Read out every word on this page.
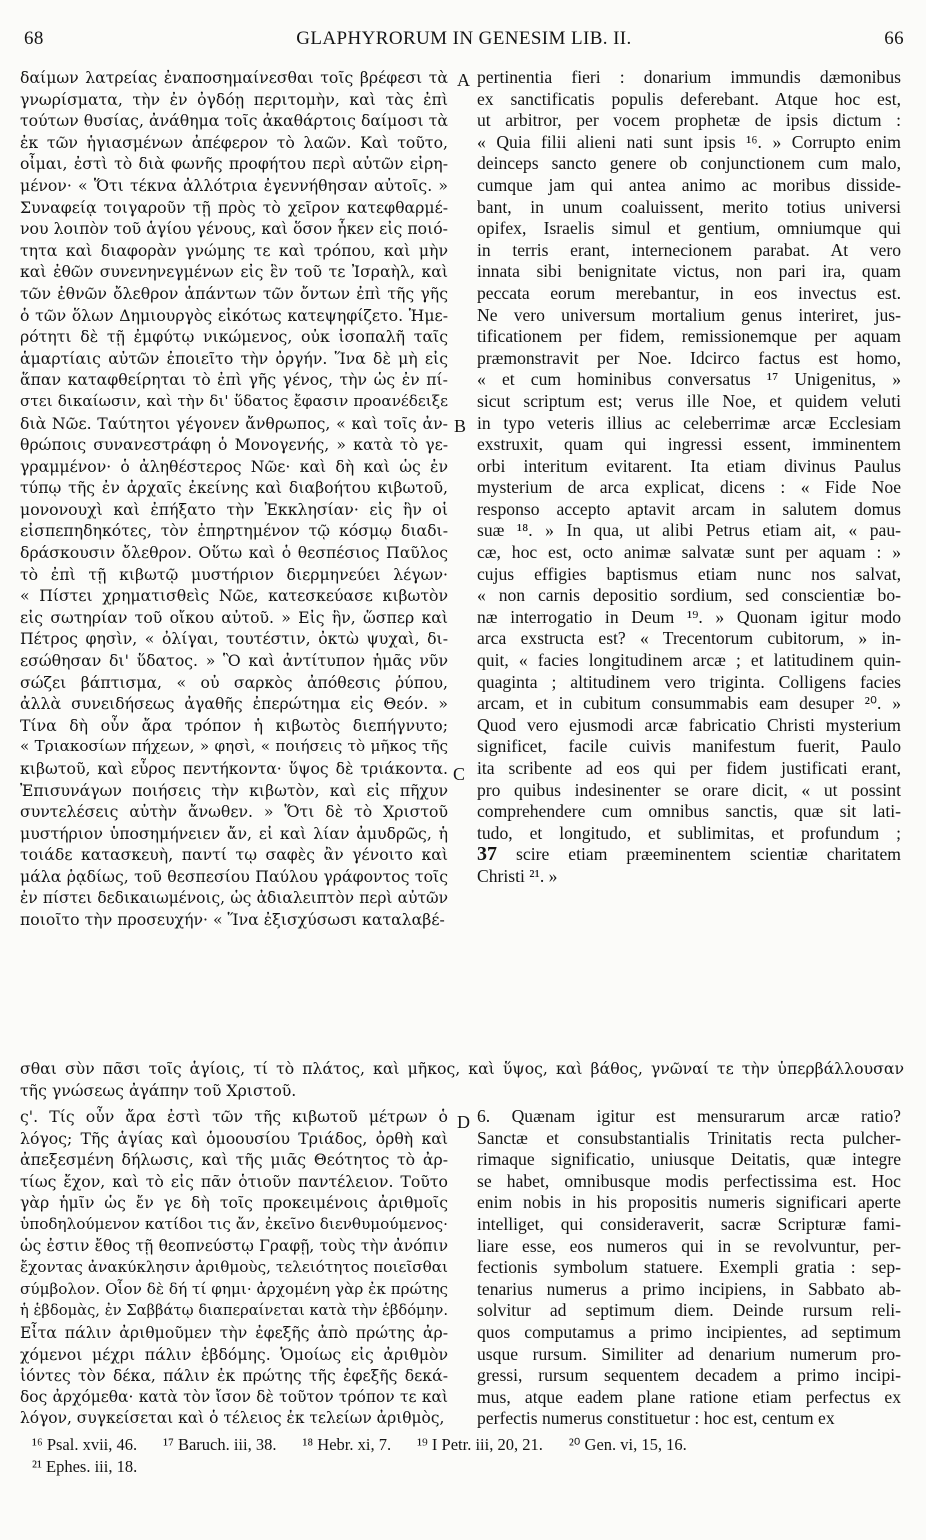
68	GLAPHYRORUM IN GENESIM LIB. II.	66
δαίμων λατρείας ἐναποσημαίνεσθαι τοῖς βρέφεσι τὰ
γνωρίσματα, τὴν ἐν ὀγδόῃ περιτομὴν, καὶ τὰς ἐπὶ
τούτων θυσίας, ἀνάθημα τοῖς ἀκαθάρτοις δαίμοσι τὰ
ἐκ τῶν ἡγιασμένων ἀπέφερον τὸ λαῶν. Καὶ τοῦτο,
οἶμαι, ἐστὶ τὸ διὰ φωνῆς προφήτου περὶ αὐτῶν εἰρη-
μένον· « Ὅτι τέκνα ἀλλότρια ἐγεννήθησαν αὐτοῖς. »
Συναφείᾳ τοιγαροῦν τῇ πρὸς τὸ χεῖρον κατεφθαρμέ-
νου λοιπὸν τοῦ ἁγίου γένους, καὶ ὅσον ἧκεν εἰς ποιό-
τητα καὶ διαφορὰν γνώμης τε καὶ τρόπου, καὶ μὴν
καὶ ἐθῶν συνενηνεγμένων εἰς ἓν τοῦ τε Ἰσραὴλ, καὶ
τῶν ἐθνῶν ὄλεθρον ἁπάντων τῶν ὄντων ἐπὶ τῆς γῆς
ὁ τῶν ὅλων Δημιουργὸς εἰκότως κατεψηφίζετο. Ἡμε-
ρότητι δὲ τῇ ἐμφύτῳ νικώμενος, οὐκ ἰσοπαλῆ ταῖς
ἁμαρτίαις αὐτῶν ἐποιεῖτο τὴν ὀργήν. Ἵνα δὲ μὴ εἰς
ἅπαν καταφθείρηται τὸ ἐπὶ γῆς γένος, τὴν ὡς ἐν πί-
στει δικαίωσιν, καὶ τὴν δι' ὕδατος ἔφασιν προανέδειξε
διὰ Νῶε. Ταύτητοι γέγονεν ἄνθρωπος, « καὶ τοῖς ἀν-
θρώποις συνανεστράφη ὁ Μονογενής, » κατὰ τὸ γε-
γραμμένον· ὁ ἀληθέστερος Νῶε· καὶ δὴ καὶ ὡς ἐν
τύπῳ τῆς ἐν ἀρχαῖς ἐκείνης καὶ διαβοήτου κιβωτοῦ,
μονονουχὶ καὶ ἐπήξατο τὴν Ἐκκλησίαν· εἰς ἣν οἱ
εἰσπεπηδηκότες, τὸν ἐπηρτημένον τῷ κόσμῳ διαδι-
δράσκουσιν ὄλεθρον. Οὕτω καὶ ὁ θεσπέσιος Παῦλος
τὸ ἐπὶ τῇ κιβωτῷ μυστήριον διερμηνεύει λέγων·
« Πίστει χρηματισθεὶς Νῶε, κατεσκεύασε κιβωτὸν
εἰς σωτηρίαν τοῦ οἴκου αὐτοῦ. » Εἰς ἣν, ὥσπερ καὶ
Πέτρος φησὶν, « ὀλίγαι, τουτέστιν, ὀκτὼ ψυχαὶ, δι-
εσώθησαν δι' ὕδατος. » Ὃ καὶ ἀντίτυπον ἡμᾶς νῦν
σώζει βάπτισμα, « οὐ σαρκὸς ἀπόθεσις ῥύπου,
ἀλλὰ συνειδήσεως ἀγαθῆς ἐπερώτημα εἰς Θεόν. »
Τίνα δὴ οὖν ἄρα τρόπον ἡ κιβωτὸς διεπήγνυτο;
« Τριακοσίων πήχεων, » φησὶ, « ποιήσεις τὸ μῆκος τῆς
κιβωτοῦ, καὶ εὖρος πεντήκοντα· ὕψος δὲ τριάκοντα.
Ἐπισυνάγων ποιήσεις τὴν κιβωτὸν, καὶ εἰς πῆχυν
συντελέσεις αὐτὴν ἄνωθεν. » Ὅτι δὲ τὸ Χριστοῦ
μυστήριον ὑποσημήνειεν ἄν, εἰ καὶ λίαν ἀμυδρῶς, ἡ
τοιάδε κατασκευὴ, παντί τῳ σαφὲς ἂν γένοιτο καὶ
μάλα ῥᾳδίως, τοῦ θεσπεσίου Παύλου γράφοντος τοῖς
ἐν πίστει δεδικαιωμένοις, ὡς ἀδιαλειπτὸν περὶ αὐτῶν
ποιοῖτο τὴν προσευχήν· « Ἵνα ἐξισχύσωσι καταλαβέ-
pertinentia fieri : donarium immundis dæmonibus
ex sanctificatis populis deferebant. Atque hoc est,
ut arbitror, per vocem prophetæ de ipsis dictum :
« Quia filii alieni nati sunt ipsis ¹⁶. » Corrupto enim
deinceps sancto genere ob conjunctionem cum malo,
cumque jam qui antea animo ac moribus disside-
bant, in unum coaluissent, merito totius universi
opifex, Israelis simul et gentium, omniumque qui
in terris erant, internecionem parabat. At vero
innata sibi benignitate victus, non pari ira, quam
peccata eorum merebantur, in eos invectus est.
Ne vero universum mortalium genus interiret, jus-
tificationem per fidem, remissionemque per aquam
præmonstravit per Noe. Idcirco factus est homo,
« et cum hominibus conversatus ¹⁷ Unigenitus, »
sicut scriptum est; verus ille Noe, et quidem veluti
in typo veteris illius ac celeberrimæ arcæ Ecclesiam
exstruxit, quam qui ingressi essent, imminentem
orbi interitum evitarent. Ita etiam divinus Paulus
mysterium de arca explicat, dicens : « Fide Noe
responso accepto aptavit arcam in salutem domus
suæ ¹⁸. » In qua, ut alibi Petrus etiam ait, « pau-
cæ, hoc est, octo animæ salvatæ sunt per aquam : »
cujus effigies baptismus etiam nunc nos salvat,
« non carnis depositio sordium, sed conscientiæ bo-
næ interrogatio in Deum ¹⁹. » Quonam igitur modo
arca exstructa est? « Trecentorum cubitorum, » in-
quit, « facies longitudinem arcæ ; et latitudinem quin-
quaginta ; altitudinem vero triginta. Colligens facies
arcam, et in cubitum consummabis eam desuper ²⁰. »
Quod vero ejusmodi arcæ fabricatio Christi mysterium
significet, facile cuivis manifestum fuerit, Paulo
ita scribente ad eos qui per fidem justificati erant,
pro quibus indesinenter se orare dicit, « ut possint
comprehendere cum omnibus sanctis, quæ sit lati-
tudo, et longitudo, et sublimitas, et profundum ;
37 scire etiam præeminentem scientiæ charitatem
Christi ²¹. »
A
B
C
D
σθαι σὺν πᾶσι τοῖς ἁγίοις, τί τὸ πλάτος, καὶ μῆκος, καὶ ὕψος, καὶ βάθος, γνῶναί τε τὴν ὑπερβάλλουσαν
τῆς γνώσεως ἀγάπην τοῦ Χριστοῦ.
ς'. Τίς οὖν ἄρα ἐστὶ τῶν τῆς κιβωτοῦ μέτρων ὁ
λόγος; Τῆς ἁγίας καὶ ὁμοουσίου Τριάδος, ὀρθὴ καὶ
ἀπεξεσμένη δήλωσις, καὶ τῆς μιᾶς Θεότητος τὸ ἀρ-
τίως ἔχον, καὶ τὸ εἰς πᾶν ὁτιοῦν παντέλειον. Τοῦτο
γὰρ ἡμῖν ὡς ἔν γε δὴ τοῖς προκειμένοις ἀριθμοῖς
ὑποδηλούμενον κατίδοι τις ἄν, ἐκεῖνο διενθυμούμενος·
ὡς ἐστιν ἔθος τῇ θεοπνεύστῳ Γραφῇ, τοὺς τὴν ἀνόπιν
ἔχοντας ἀνακύκλησιν ἀριθμοὺς, τελειότητος ποιεῖσθαι
σύμβολον. Οἷον δὲ δή τί φημι· ἀρχομένη γὰρ ἐκ πρώτης
ἡ ἑβδομὰς, ἐν Σαββάτῳ διαπεραίνεται κατὰ τὴν ἑβδόμην.
Εἶτα πάλιν ἀριθμοῦμεν τὴν ἐφεξῆς ἀπὸ πρώτης ἀρ-
χόμενοι μέχρι πάλιν ἑβδόμης. Ὁμοίως εἰς ἀριθμὸν
ἰόντες τὸν δέκα, πάλιν ἐκ πρώτης τῆς ἐφεξῆς δεκά-
δος ἀρχόμεθα· κατὰ τὸν ἴσον δὲ τοῦτον τρόπον τε καὶ
λόγον, συγκείσεται καὶ ὁ τέλειος ἐκ τελείων ἀριθμὸς,
6. Quænam igitur est mensurarum arcæ ratio?
Sanctæ et consubstantialis Trinitatis recta pulcher-
rimaque significatio, uniusque Deitatis, quæ integre
se habet, omnibusque modis perfectissima est. Hoc
enim nobis in his propositis numeris significari aperte
intelliget, qui consideraverit, sacræ Scripturæ fami-
liare esse, eos numeros qui in se revolvuntur, per-
fectionis symbolum statuere. Exempli gratia : sep-
tenarius numerus a primo incipiens, in Sabbato ab-
solvitur ad septimum diem. Deinde rursum reli-
quos computamus a primo incipientes, ad septimum
usque rursum. Similiter ad denarium numerum pro-
gressi, rursum sequentem decadem a primo incipi-
mus, atque eadem plane ratione etiam perfectus ex
perfectis numerus constituetur : hoc est, centum ex
¹⁶ Psal. xvii, 46. ¹⁷ Baruch. iii, 38. ¹⁸ Hebr. xi, 7. ¹⁹ I Petr. iii, 20, 21. ²⁰ Gen. vi, 15, 16.
²¹ Ephes. iii, 18.
